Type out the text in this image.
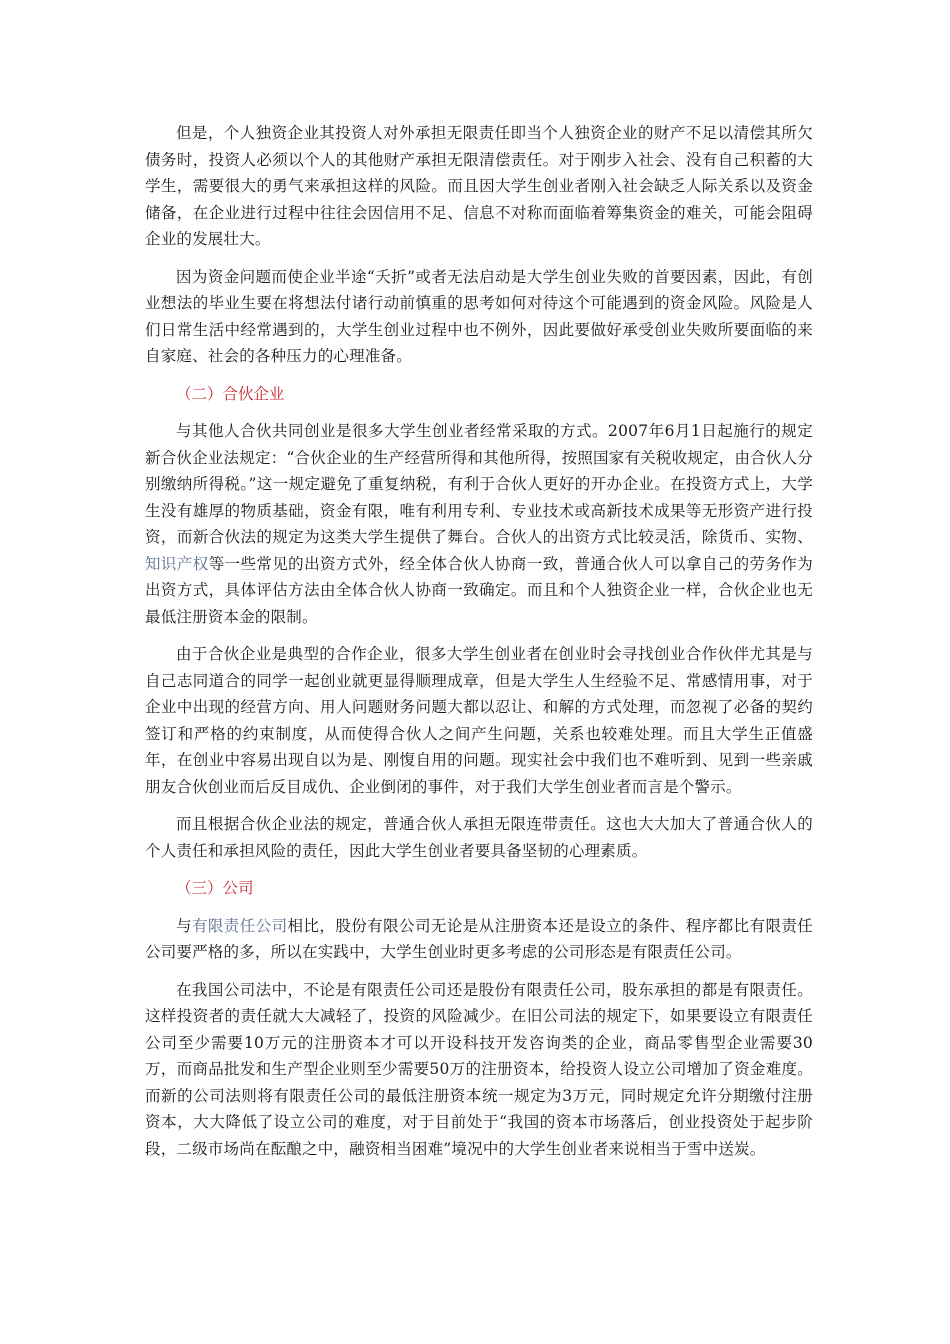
但是，个人独资企业其投资人对外承担无限责任即当个人独资企业的财产不足以清偿其所欠债务时，投资人必须以个人的其他财产承担无限清偿责任。对于刚步入社会、没有自己积蓄的大学生，需要很大的勇气来承担这样的风险。而且因大学生创业者刚入社会缺乏人际关系以及资金储备，在企业进行过程中往往会因信用不足、信息不对称而面临着筹集资金的难关，可能会阻碍企业的发展壮大。

因为资金问题而使企业半途“夭折”或者无法启动是大学生创业失败的首要因素，因此，有创业想法的毕业生要在将想法付诸行动前慎重的思考如何对待这个可能遇到的资金风险。风险是人们日常生活中经常遇到的，大学生创业过程中也不例外，因此要做好承受创业失败所要面临的来自家庭、社会的各种压力的心理准备。

（二）合伙企业

与其他人合伙共同创业是很多大学生创业者经常采取的方式。2007年6月1日起施行的规定新合伙企业法规定：“合伙企业的生产经营所得和其他所得，按照国家有关税收规定，由合伙人分别缴纳所得税。”这一规定避免了重复纳税，有利于合伙人更好的开办企业。在投资方式上，大学生没有雄厚的物质基础，资金有限，唯有利用专利、专业技术或高新技术成果等无形资产进行投资，而新合伙法的规定为这类大学生提供了舞台。合伙人的出资方式比较灵活，除货币、实物、知识产权等一些常见的出资方式外，经全体合伙人协商一致，普通合伙人可以拿自己的劳务作为出资方式，具体评估方法由全体合伙人协商一致确定。而且和个人独资企业一样，合伙企业也无最低注册资本金的限制。

由于合伙企业是典型的合作企业，很多大学生创业者在创业时会寻找创业合作伙伴尤其是与自己志同道合的同学一起创业就更显得顺理成章，但是大学生人生经验不足、常感情用事，对于企业中出现的经营方向、用人问题财务问题大都以忍让、和解的方式处理，而忽视了必备的契约签订和严格的约束制度，从而使得合伙人之间产生问题，关系也较难处理。而且大学生正值盛年，在创业中容易出现自以为是、刚愎自用的问题。现实社会中我们也不难听到、见到一些亲戚朋友合伙创业而后反目成仇、企业倒闭的事件，对于我们大学生创业者而言是个警示。

而且根据合伙企业法的规定，普通合伙人承担无限连带责任。这也大大加大了普通合伙人的个人责任和承担风险的责任，因此大学生创业者要具备坚韧的心理素质。

（三）公司

与有限责任公司相比，股份有限公司无论是从注册资本还是设立的条件、程序都比有限责任公司要严格的多，所以在实践中，大学生创业时更多考虑的公司形态是有限责任公司。

在我国公司法中，不论是有限责任公司还是股份有限责任公司，股东承担的都是有限责任。这样投资者的责任就大大减轻了，投资的风险减少。在旧公司法的规定下，如果要设立有限责任公司至少需要10万元的注册资本才可以开设科技开发咨询类的企业，商品零售型企业需要30万，而商品批发和生产型企业则至少需要50万的注册资本，给投资人设立公司增加了资金难度。而新的公司法则将有限责任公司的最低注册资本统一规定为3万元，同时规定允许分期缴付注册资本，大大降低了设立公司的难度，对于目前处于“我国的资本市场落后，创业投资处于起步阶段，二级市场尚在酝酿之中，融资相当困难”境况中的大学生创业者来说相当于雪中送炭。
